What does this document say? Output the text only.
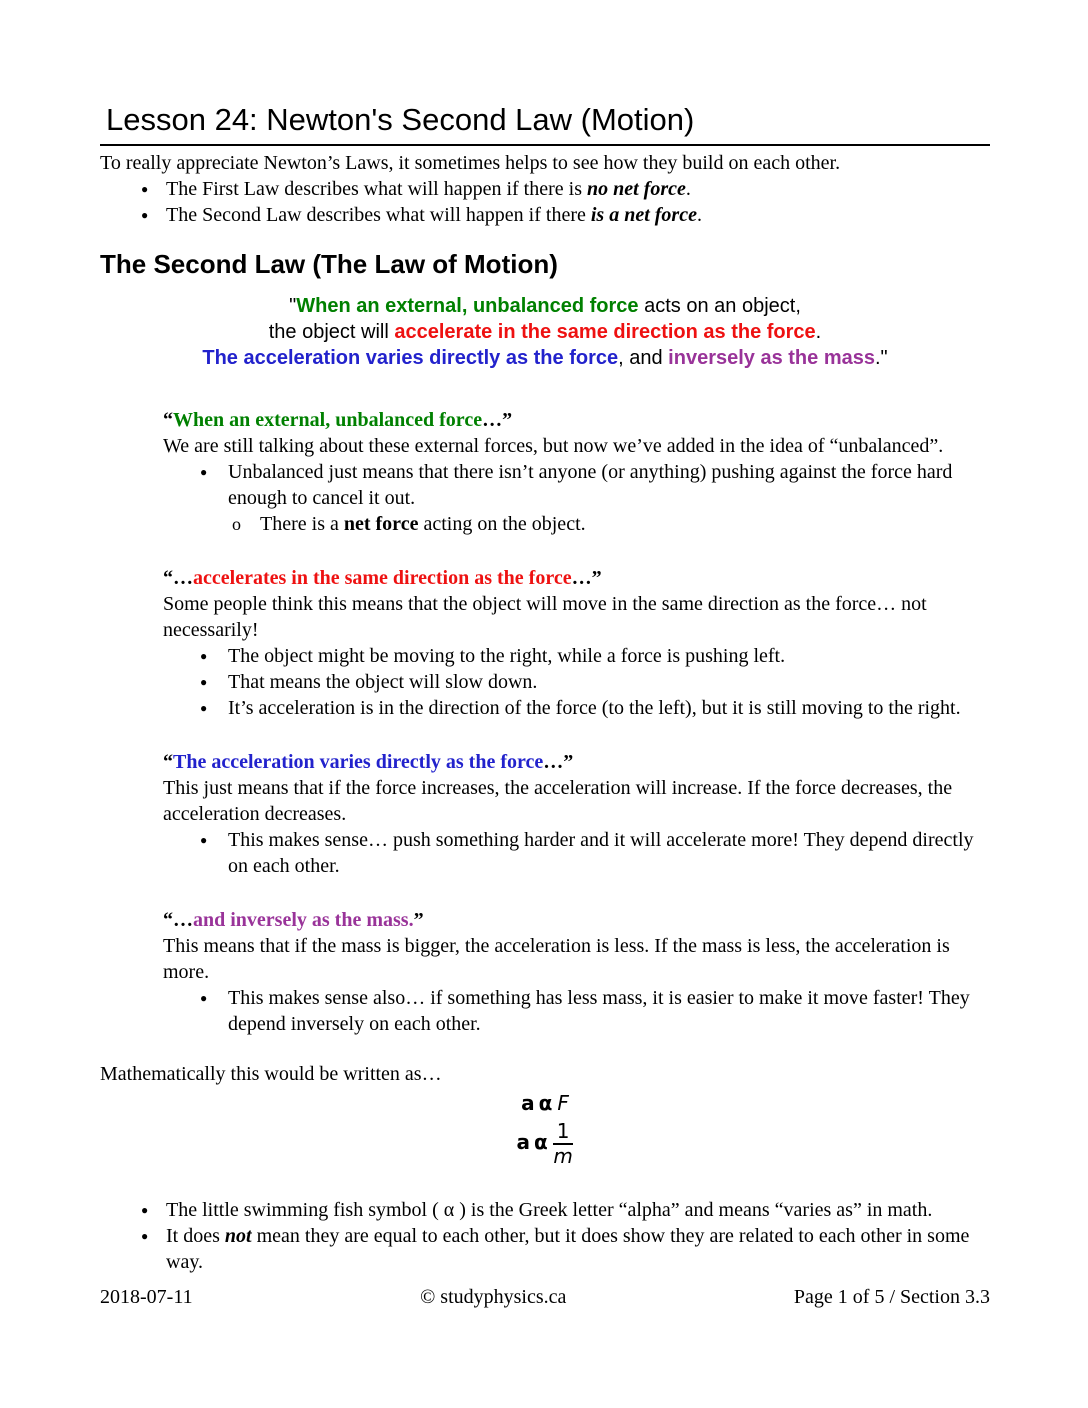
Lesson 24: Newton's Second Law (Motion)
To really appreciate Newton’s Laws, it sometimes helps to see how they build on each other.
● The First Law describes what will happen if there is no net force.
● The Second Law describes what will happen if there is a net force.
The Second Law (The Law of Motion)
"When an external, unbalanced force acts on an object,
the object will accelerate in the same direction as the force.
The acceleration varies directly as the force, and inversely as the mass."
“When an external, unbalanced force…”
We are still talking about these external forces, but now we’ve added in the idea of “unbalanced”.
● Unbalanced just means that there isn’t anyone (or anything) pushing against the force hard enough to cancel it out.
o There is a net force acting on the object.
“…accelerates in the same direction as the force…”
Some people think this means that the object will move in the same direction as the force… not necessarily!
● The object might be moving to the right, while a force is pushing left.
● That means the object will slow down.
● It’s acceleration is in the direction of the force (to the left), but it is still moving to the right.
“The acceleration varies directly as the force…”
This just means that if the force increases, the acceleration will increase. If the force decreases, the acceleration decreases.
● This makes sense… push something harder and it will accelerate more! They depend directly on each other.
“…and inversely as the mass.”
This means that if the mass is bigger, the acceleration is less. If the mass is less, the acceleration is more.
● This makes sense also… if something has less mass, it is easier to make it move faster! They depend inversely on each other.
Mathematically this would be written as…
a α F
a α $\frac{1}{m}$
● The little swimming fish symbol ( α ) is the Greek letter “alpha” and means “varies as” in math.
● It does not mean they are equal to each other, but it does show they are related to each other in some way.
2018-07-11	© studyphysics.ca	Page 1 of 5 / Section 3.3
